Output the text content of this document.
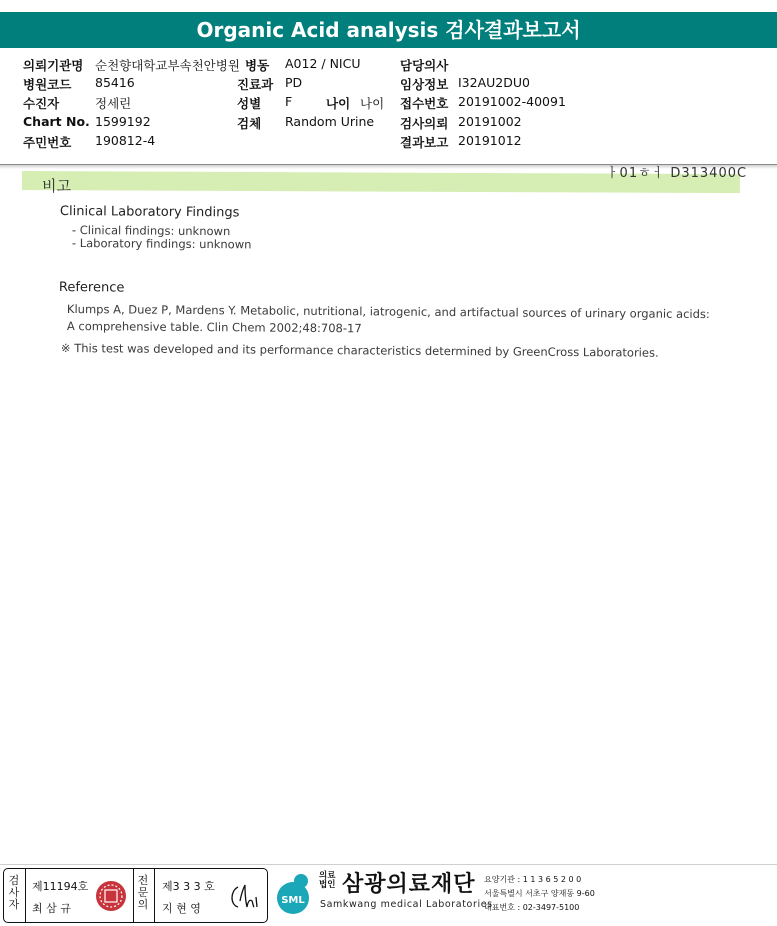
Organic Acid analysis 검사결과보고서
의뢰기관명 순천향대학교부속천안병원 병동 A012 / NICU	담당의사
병원코드 85416	진료과 PD	임상정보 I32AU2DU0
수진자	정세린	성별 F	나이 나이 접수번호 20191002-40091
Chart No. 1599192	검체 Random Urine 검사의뢰 20191002
주민번호 190812-4	결과보고 20191012
ㅏ01ㅎㅓ D313400C
비고
Clinical Laboratory Findings
- Clinical findings: unknown
- Laboratory findings: unknown
Reference
Klumps A, Duez P, Mardens Y. Metabolic, nutritional, iatrogenic, and artifactual sources of urinary organic acids:
A comprehensive table. Clin Chem 2002;48:708-17
※ This test was developed and its performance characteristics determined by GreenCross Laboratories.
검사자
제11194호
최 삼 규
전문의
제3 3 3 호
지 현 영
SML
의료
법인 삼광의료재단
Samkwang medical Laboratories
요양기관 : 1 1 3 6 5 2 0 0
서울특별시 서초구 양재동 9-60
대표번호 : 02-3497-5100
